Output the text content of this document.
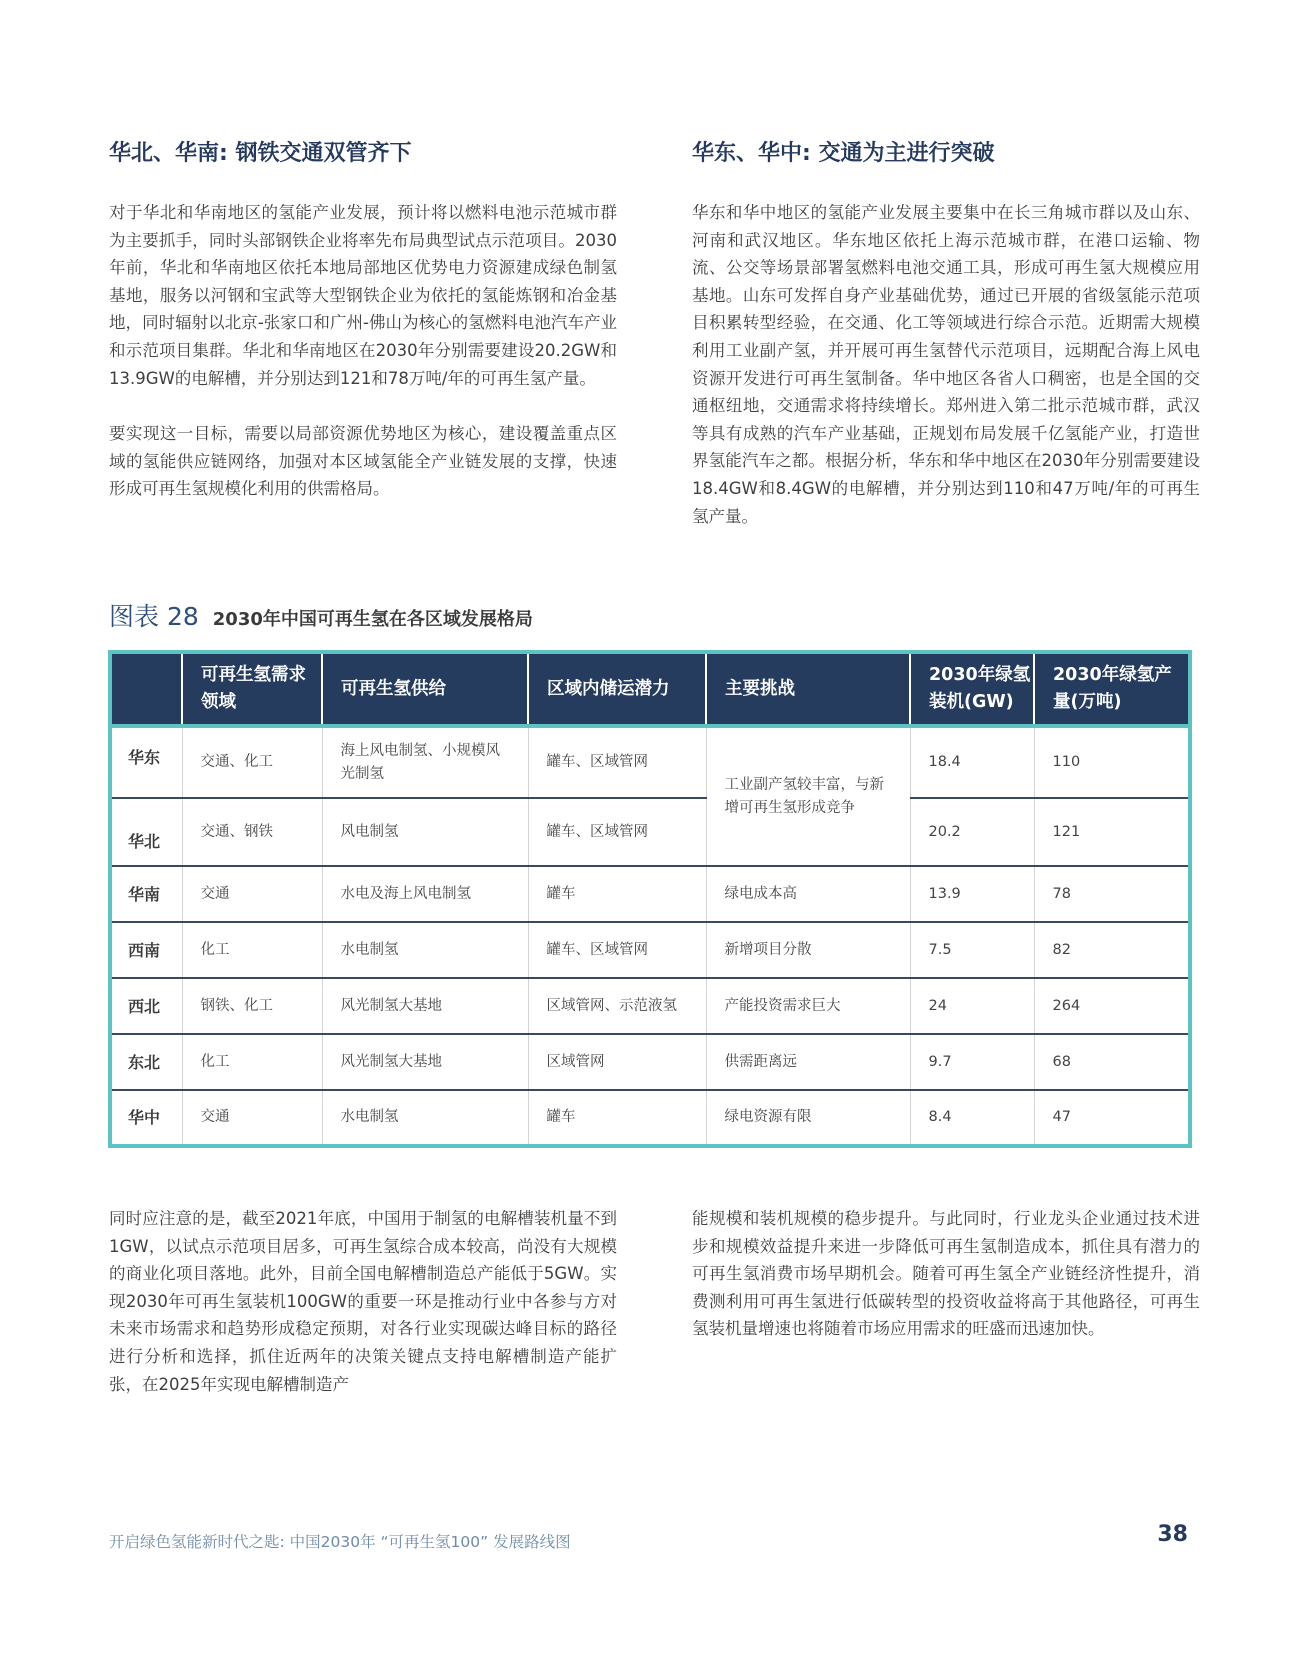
华北、华南: 钢铁交通双管齐下

对于华北和华南地区的氢能产业发展，预计将以燃料电池示范城市群为主要抓手，同时头部钢铁企业将率先布局典型试点示范项目。2030年前，华北和华南地区依托本地局部地区优势电力资源建成绿色制氢基地，服务以河钢和宝武等大型钢铁企业为依托的氢能炼钢和冶金基地，同时辐射以北京-张家口和广州-佛山为核心的氢燃料电池汽车产业和示范项目集群。华北和华南地区在2030年分别需要建设20.2GW和13.9GW的电解槽，并分别达到121和78万吨/年的可再生氢产量。

要实现这一目标，需要以局部资源优势地区为核心，建设覆盖重点区域的氢能供应链网络，加强对本区域氢能全产业链发展的支撑，快速形成可再生氢规模化利用的供需格局。

华东、华中: 交通为主进行突破

华东和华中地区的氢能产业发展主要集中在长三角城市群以及山东、河南和武汉地区。华东地区依托上海示范城市群，在港口运输、物流、公交等场景部署氢燃料电池交通工具，形成可再生氢大规模应用基地。山东可发挥自身产业基础优势，通过已开展的省级氢能示范项目积累转型经验，在交通、化工等领域进行综合示范。近期需大规模利用工业副产氢，并开展可再生氢替代示范项目，远期配合海上风电资源开发进行可再生氢制备。华中地区各省人口稠密，也是全国的交通枢纽地，交通需求将持续增长。郑州进入第二批示范城市群，武汉等具有成熟的汽车产业基础，正规划布局发展千亿氢能产业，打造世界氢能汽车之都。根据分析，华东和华中地区在2030年分别需要建设18.4GW和8.4GW的电解槽，并分别达到110和47万吨/年的可再生氢产量。

图表 28 2030年中国可再生氢在各区域发展格局
	可再生氢需求领域	可再生氢供给	区域内储运潜力	主要挑战	2030年绿氢装机(GW)	2030年绿氢产量(万吨)
华东	交通、化工	海上风电制氢、小规模风光制氢	罐车、区域管网	工业副产氢较丰富，与新增可再生氢形成竞争	18.4	110
华北	交通、钢铁	风电制氢	罐车、区域管网		20.2	121
华南	交通	水电及海上风电制氢	罐车	绿电成本高	13.9	78
西南	化工	水电制氢	罐车、区域管网	新增项目分散	7.5	82
西北	钢铁、化工	风光制氢大基地	区域管网、示范液氢	产能投资需求巨大	24	264
东北	化工	风光制氢大基地	区域管网	供需距离远	9.7	68
华中	交通	水电制氢	罐车	绿电资源有限	8.4	47

同时应注意的是，截至2021年底，中国用于制氢的电解槽装机量不到1GW，以试点示范项目居多，可再生氢综合成本较高，尚没有大规模的商业化项目落地。此外，目前全国电解槽制造总产能低于5GW。实现2030年可再生氢装机100GW的重要一环是推动行业中各参与方对未来市场需求和趋势形成稳定预期，对各行业实现碳达峰目标的路径进行分析和选择，抓住近两年的决策关键点支持电解槽制造产能扩张，在2025年实现电解槽制造产

能规模和装机规模的稳步提升。与此同时，行业龙头企业通过技术进步和规模效益提升来进一步降低可再生氢制造成本，抓住具有潜力的可再生氢消费市场早期机会。随着可再生氢全产业链经济性提升，消费测利用可再生氢进行低碳转型的投资收益将高于其他路径，可再生氢装机量增速也将随着市场应用需求的旺盛而迅速加快。

开启绿色氢能新时代之匙: 中国2030年 “可再生氢100” 发展路线图	38
